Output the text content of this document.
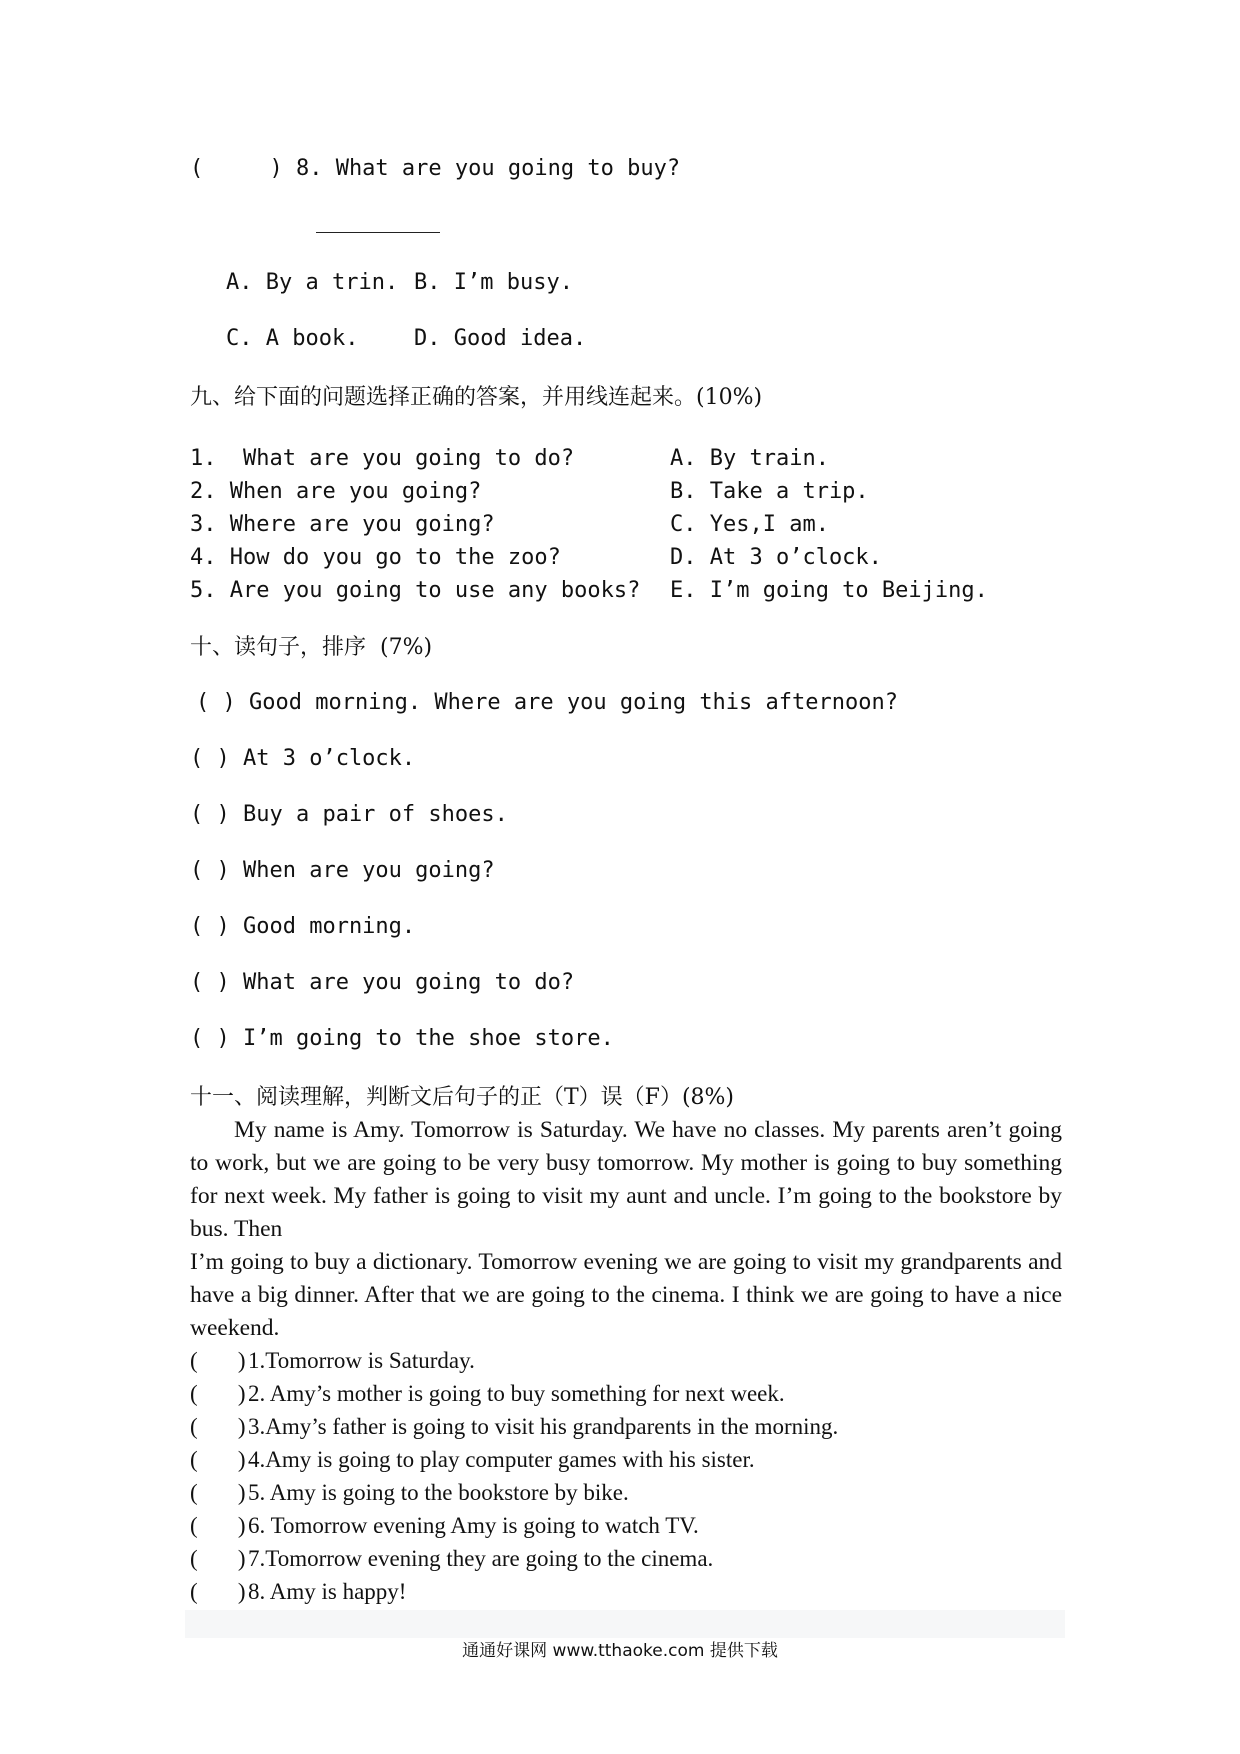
(     ) 8. What are you going to buy?
A. By a trin. B. I’m busy.
C. A book.	D. Good idea.
九、给下面的问题选择正确的答案，并用线连起来。(10%)
1.  What are you going to do?
2. When are you going?
3. Where are you going?
4. How do you go to the zoo?
5. Are you going to use any books?
A. By train.
B. Take a trip.
C. Yes,I am.
D. At 3 o’clock.
E. I’m going to Beijing.
十、读句子，排序  (7%)
( ) Good morning. Where are you going this afternoon?
( ) At 3 o’clock.
( ) Buy a pair of shoes.
( ) When are you going?
( ) Good morning.
( ) What are you going to do?
( ) I’m going to the shoe store.
十一、阅读理解，判断文后句子的正（T）误（F）(8%)

My name is Amy. Tomorrow is Saturday. We have no classes. My parents aren’t going to work, but we are going to be very busy tomorrow. My mother is going to buy something for next week. My father is going to visit my aunt and uncle. I’m going to the bookstore by bus. Then

I’m going to buy a dictionary. Tomorrow evening we are going to visit my grandparents and have a big dinner. After that we are going to the cinema. I think we are going to have a nice weekend.

(       ) 1.Tomorrow is Saturday.
(       ) 2. Amy’s mother is going to buy something for next week.
(       ) 3.Amy’s father is going to visit his grandparents in the morning.
(       ) 4.Amy is going to play computer games with his sister.
(       ) 5. Amy is going to the bookstore by bike.
(       ) 6. Tomorrow evening Amy is going to watch TV.
(       ) 7.Tomorrow evening they are going to the cinema.
(       ) 8. Amy is happy!
通通好课网 www.tthaoke.com 提供下载
